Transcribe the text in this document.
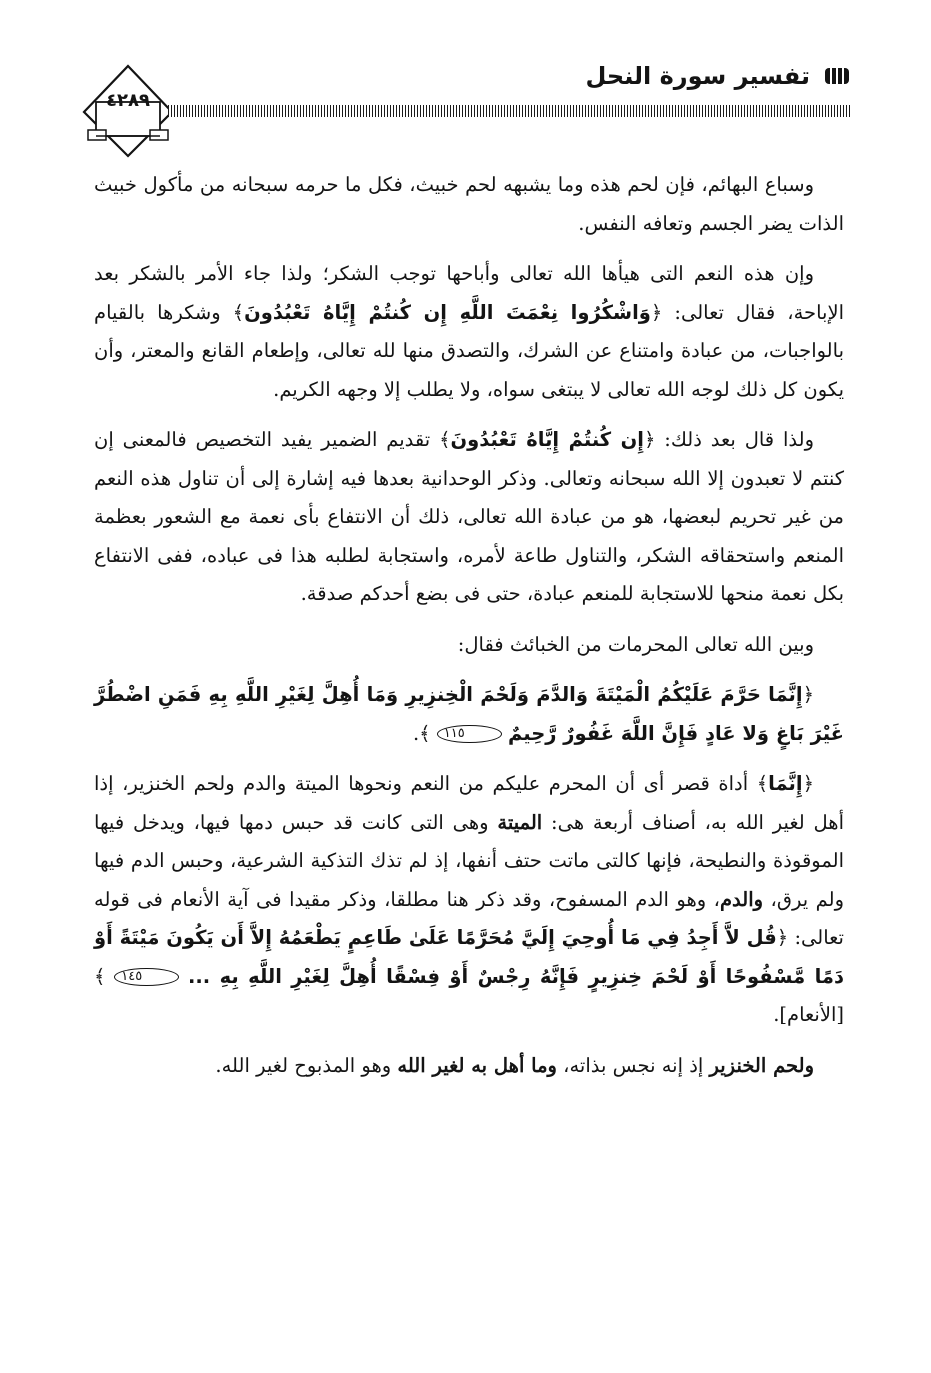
٤٢٨٩
تفسير سورة النحل

وسباع البهائم، فإن لحم هذه وما يشبهه لحم خبيث، فكل ما حرمه سبحانه من مأكول خبيث الذات يضر الجسم وتعافه النفس.

وإن هذه النعم التى هيأها الله تعالى وأباحها توجب الشكر؛ ولذا جاء الأمر بالشكر بعد الإباحة، فقال تعالى: ﴿وَاشْكُرُوا نِعْمَتَ اللَّهِ إِن كُنتُمْ إِيَّاهُ تَعْبُدُونَ﴾ وشكرها بالقيام بالواجبات، من عبادة وامتناع عن الشرك، والتصدق منها لله تعالى، وإطعام القانع والمعتر، وأن يكون كل ذلك لوجه الله تعالى لا يبتغى سواه، ولا يطلب إلا وجهه الكريم.

ولذا قال بعد ذلك: ﴿إِن كُنتُمْ إِيَّاهُ تَعْبُدُونَ﴾ تقديم الضمير يفيد التخصيص فالمعنى إن كنتم لا تعبدون إلا الله سبحانه وتعالى. وذكر الوحدانية بعدها فيه إشارة إلى أن تناول هذه النعم من غير تحريم لبعضها، هو من عبادة الله تعالى، ذلك أن الانتفاع بأى نعمة مع الشعور بعظمة المنعم واستحقاقه الشكر، والتناول طاعة لأمره، واستجابة لطلبه هذا فى عباده، ففى الانتفاع بكل نعمة منحها للاستجابة للمنعم عبادة، حتى فى بضع أحدكم صدقة.

وبين الله تعالى المحرمات من الخبائث فقال:

﴿إِنَّمَا حَرَّمَ عَلَيْكُمُ الْمَيْتَةَ وَالدَّمَ وَلَحْمَ الْخِنزِيرِ وَمَا أُهِلَّ لِغَيْرِ اللَّهِ بِهِ فَمَنِ اضْطُرَّ غَيْرَ بَاغٍ وَلا عَادٍ فَإِنَّ اللَّهَ غَفُورٌ رَّحِيمٌ ١١٥ ﴾.

﴿إِنَّمَا﴾ أداة قصر أى أن المحرم عليكم من النعم ونحوها الميتة والدم ولحم الخنزير، إذا أهل لغير الله به، أصناف أربعة هى: الميتة وهى التى كانت قد حبس دمها فيها، ويدخل فيها الموقوذة والنطيحة، فإنها كالتى ماتت حتف أنفها، إذ لم تذك التذكية الشرعية، وحبس الدم فيها ولم يرق، والدم، وهو الدم المسفوح، وقد ذكر هنا مطلقا، وذكر مقيدا فى آية الأنعام فى قوله تعالى: ﴿قُل لاَّ أَجِدُ فِي مَا أُوحِيَ إِلَيَّ مُحَرَّمًا عَلَىٰ طَاعِمٍ يَطْعَمُهُ إِلاَّ أَن يَكُونَ مَيْتَةً أَوْ دَمًا مَّسْفُوحًا أَوْ لَحْمَ خِنزِيرٍ فَإِنَّهُ رِجْسٌ أَوْ فِسْقًا أُهِلَّ لِغَيْرِ اللَّهِ بِهِ ... ١٤٥ ﴾ [الأنعام].

ولحم الخنزير إذ إنه نجس بذاته، وما أهل به لغير الله وهو المذبوح لغير الله.
